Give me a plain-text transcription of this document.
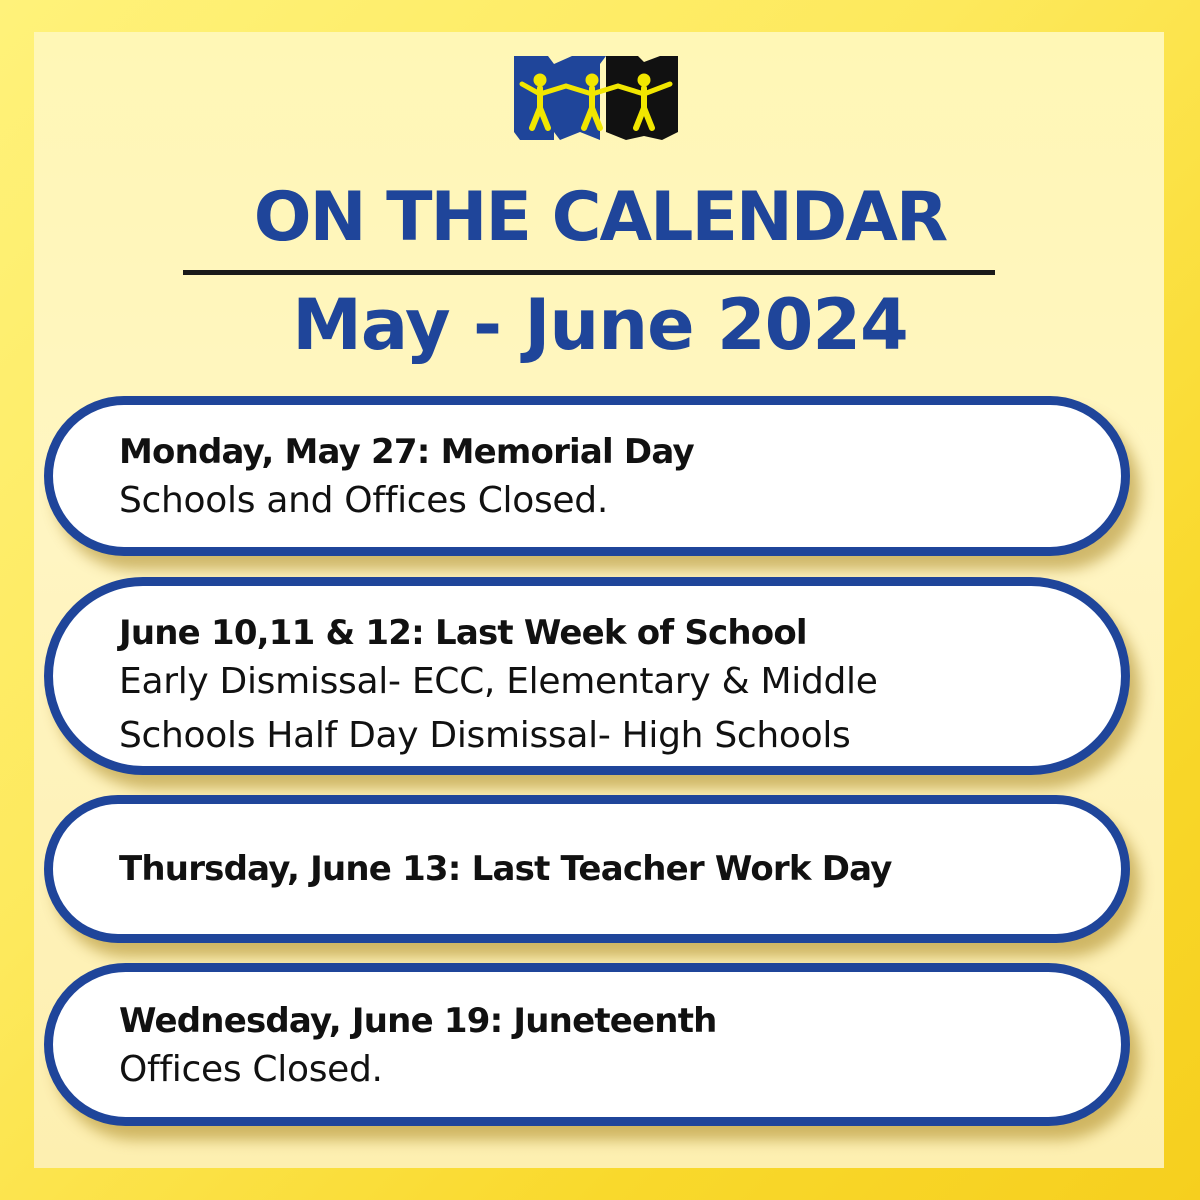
ON THE CALENDAR
May - June 2024
Monday, May 27: Memorial Day
Schools and Offices Closed.
June 10,11 & 12: Last Week of School
Early Dismissal- ECC, Elementary & Middle
Schools Half Day Dismissal- High Schools
Thursday, June 13: Last Teacher Work Day
Wednesday, June 19: Juneteenth
Offices Closed.
